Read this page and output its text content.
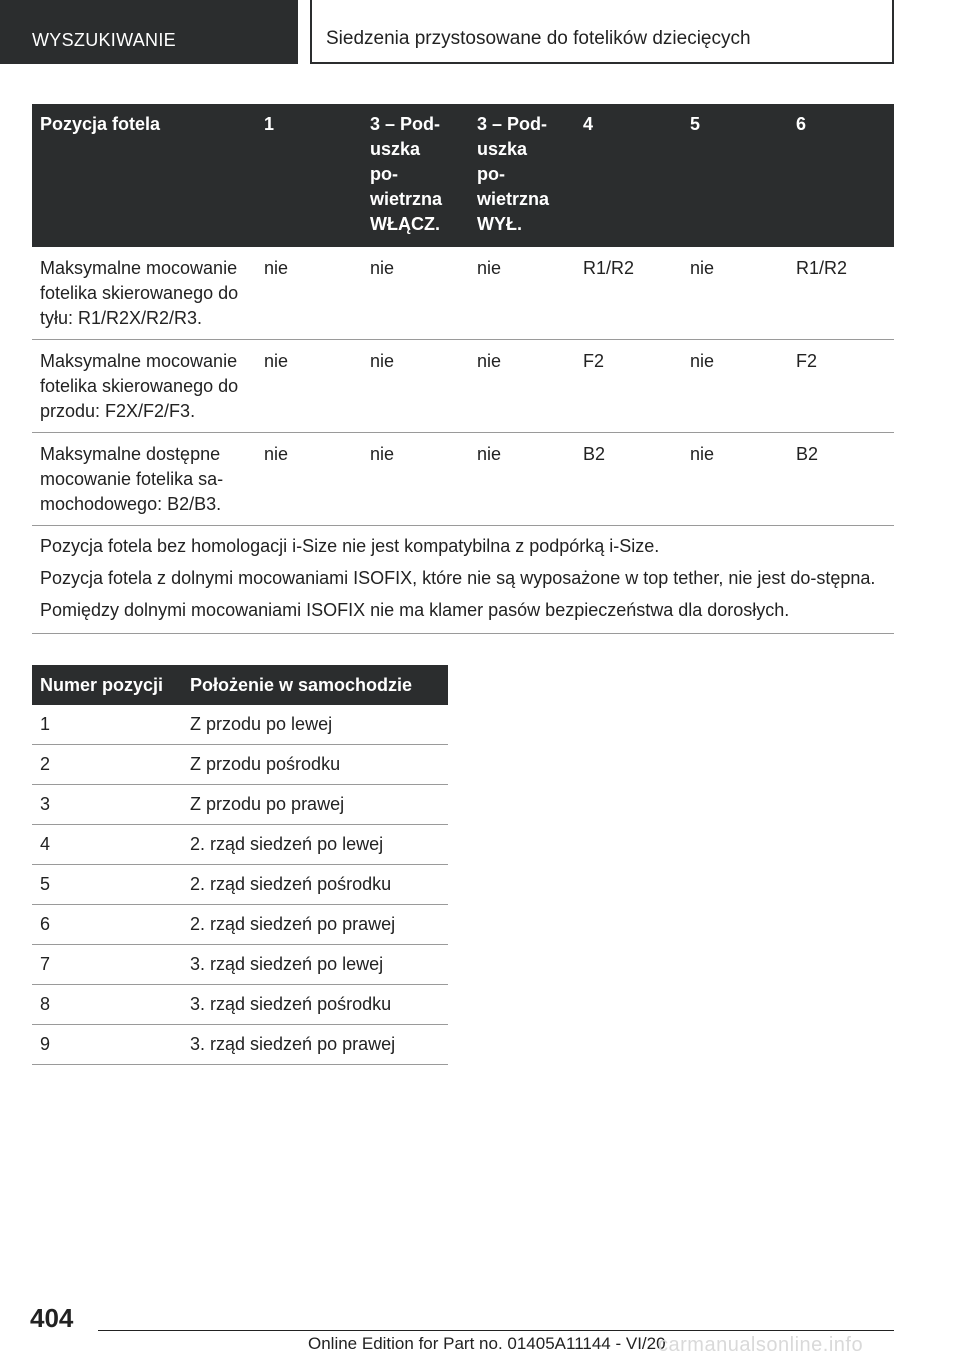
WYSZUKIWANIE	Siedzenia przystosowane do fotelików dziecięcych
Pozycja fotela	1	3 – Pod-
uszka
po-
wietrzna
WŁĄCZ.	3 – Pod-
uszka
po-
wietrzna
WYŁ.	4	5	6
Maksymalne mocowanie fotelika skierowanego do tyłu: R1/R2X/R2/R3.	nie	nie	nie	R1/R2	nie	R1/R2
Maksymalne mocowanie fotelika skierowanego do przodu: F2X/F2/F3.	nie	nie	nie	F2	nie	F2
Maksymalne dostępne mocowanie fotelika sa-mochodowego: B2/B3.	nie	nie	nie	B2	nie	B2

Pozycja fotela bez homologacji i-Size nie jest kompatybilna z podpórką i-Size.

Pozycja fotela z dolnymi mocowaniami ISOFIX, które nie są wyposażone w top tether, nie jest do-stępna.

Pomiędzy dolnymi mocowaniami ISOFIX nie ma klamer pasów bezpieczeństwa dla dorosłych.						

Numer pozycji	Położenie w samochodzie
1	Z przodu po lewej
2	Z przodu pośrodku
3	Z przodu po prawej
4	2. rząd siedzeń po lewej
5	2. rząd siedzeń pośrodku
6	2. rząd siedzeń po prawej
7	3. rząd siedzeń po lewej
8	3. rząd siedzeń pośrodku
9	3. rząd siedzeń po prawej
404
Online Edition for Part no. 01405A11144 - VI/20
carmanualsonline.info
